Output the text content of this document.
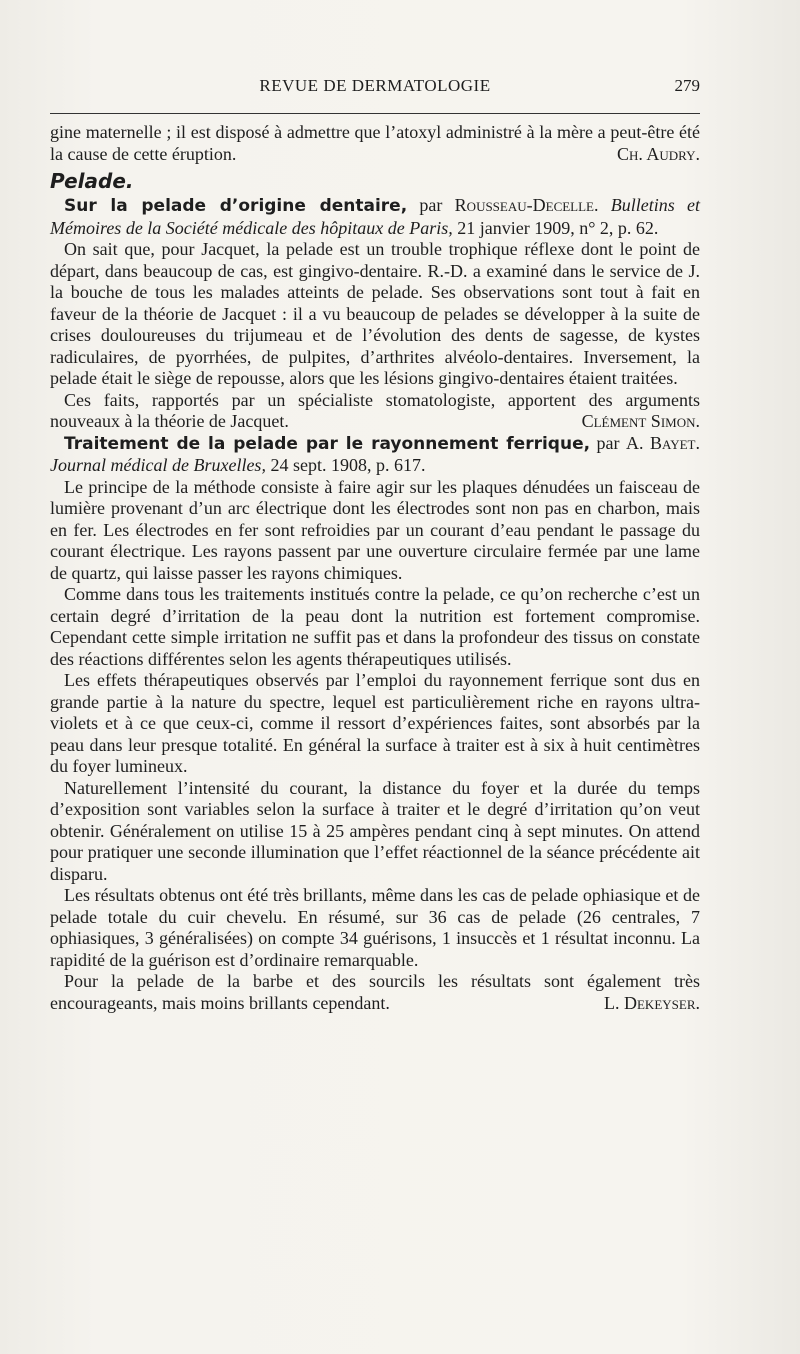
REVUE DE DERMATOLOGIE	279

gine maternelle ; il est disposé à admettre que l’atoxyl administré à la mère a peut-être été la cause de cette éruption.	Ch. Audry.

Pelade.

Sur la pelade d’origine dentaire, par Rousseau-Decelle. Bulletins et Mémoires de la Société médicale des hôpitaux de Paris, 21 janvier 1909, n° 2, p. 62.

On sait que, pour Jacquet, la pelade est un trouble trophique réflexe dont le point de départ, dans beaucoup de cas, est gingivo-dentaire. R.-D. a examiné dans le service de J. la bouche de tous les malades atteints de pelade. Ses observations sont tout à fait en faveur de la théorie de Jacquet : il a vu beaucoup de pelades se développer à la suite de crises douloureuses du trijumeau et de l’évolution des dents de sagesse, de kystes radiculaires, de pyorrhées, de pulpites, d’arthrites alvéolo-dentaires. Inversement, la pelade était le siège de repousse, alors que les lésions gingivo-dentaires étaient traitées.

Ces faits, rapportés par un spécialiste stomatologiste, apportent des arguments nouveaux à la théorie de Jacquet.	Clément Simon.

Traitement de la pelade par le rayonnement ferrique, par A. Bayet. Journal médical de Bruxelles, 24 sept. 1908, p. 617.

Le principe de la méthode consiste à faire agir sur les plaques dénudées un faisceau de lumière provenant d’un arc électrique dont les électrodes sont non pas en charbon, mais en fer. Les électrodes en fer sont refroidies par un courant d’eau pendant le passage du courant électrique. Les rayons passent par une ouverture circulaire fermée par une lame de quartz, qui laisse passer les rayons chimiques.

Comme dans tous les traitements institués contre la pelade, ce qu’on recherche c’est un certain degré d’irritation de la peau dont la nutrition est fortement compromise. Cependant cette simple irritation ne suffit pas et dans la profondeur des tissus on constate des réactions différentes selon les agents thérapeutiques utilisés.

Les effets thérapeutiques observés par l’emploi du rayonnement ferrique sont dus en grande partie à la nature du spectre, lequel est particulièrement riche en rayons ultra-violets et à ce que ceux-ci, comme il ressort d’expériences faites, sont absorbés par la peau dans leur presque totalité. En général la surface à traiter est à six à huit centimètres du foyer lumineux.

Naturellement l’intensité du courant, la distance du foyer et la durée du temps d’exposition sont variables selon la surface à traiter et le degré d’irritation qu’on veut obtenir. Généralement on utilise 15 à 25 ampères pendant cinq à sept minutes. On attend pour pratiquer une seconde illumination que l’effet réactionnel de la séance précédente ait disparu.

Les résultats obtenus ont été très brillants, même dans les cas de pelade ophiasique et de pelade totale du cuir chevelu. En résumé, sur 36 cas de pelade (26 centrales, 7 ophiasiques, 3 généralisées) on compte 34 guérisons, 1 insuccès et 1 résultat inconnu. La rapidité de la guérison est d’ordinaire remarquable.

Pour la pelade de la barbe et des sourcils les résultats sont également très encourageants, mais moins brillants cependant.	L. Dekeyser.
